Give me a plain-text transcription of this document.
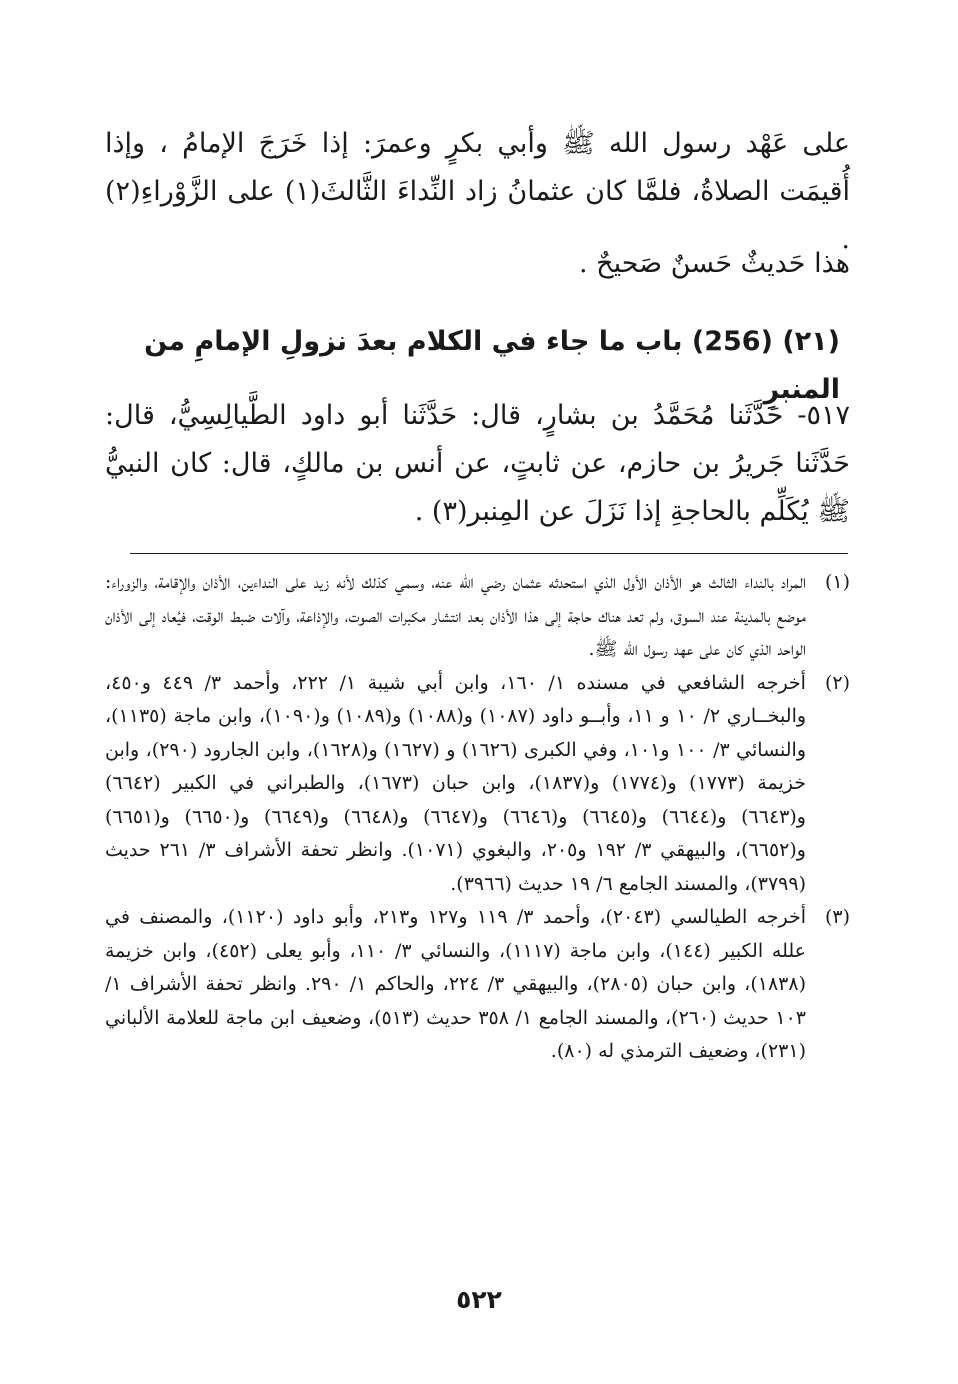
على عَهْد رسول الله ﷺ وأبي بكرٍ وعمرَ: إذا خَرَجَ الإمامُ ، وإذا أُقيمَت الصلاةُ، فلمَّا كان عثمانُ زاد النِّداءَ الثَّالثَ(١) على الزَّوْراءِ(٢) .
هذا حَديثٌ حَسنٌ صَحيحٌ .
(٢١) (256) باب ما جاء في الكلام بعدَ نزولِ الإمامِ من المنبرِ
٥١٧- حَدَّثَنا مُحَمَّدُ بن بشارٍ، قال: حَدَّثَنا أبو داود الطَّيالِسِيُّ، قال: حَدَّثَنا جَريرُ بن حازم، عن ثابتٍ، عن أنس بن مالكٍ، قال: كان النبيُّ ﷺ يُكَلِّم بالحاجةِ إذا نَزَلَ عن المِنبر(٣) .
(١)
المراد بالنداء الثالث هو الأذان الأول الذي استحدثه عثمان رضي الله عنه، وسمي كذلك لأنه زيد على النداءين، الأذان والإقامة، والزوراء: موضع بالمدينة عند السوق، ولم تعد هناك حاجة إلى هذا الأذان بعد انتشار مكبرات الصوت، والإذاعة، وآلات ضبط الوقت، فيُعاد إلى الأذان الواحد الذي كان على عهد رسول الله ﷺ.
(٢)
أخرجه الشافعي في مسنده ١/ ١٦٠، وابن أبي شيبة ١/ ٢٢٢، وأحمد ٣/ ٤٤٩ و٤٥٠، والبخــاري ٢/ ١٠ و ١١، وأبــو داود (١٠٨٧) و(١٠٨٨) و(١٠٨٩) و(١٠٩٠)، وابن ماجة (١١٣٥)، والنسائي ٣/ ١٠٠ و١٠١، وفي الكبرى (١٦٢٦) و (١٦٢٧) و(١٦٢٨)، وابن الجارود (٢٩٠)، وابن خزيمة (١٧٧٣) و(١٧٧٤) و(١٨٣٧)، وابن حبان (١٦٧٣)، والطبراني في الكبير (٦٦٤٢) و(٦٦٤٣) و(٦٦٤٤) و(٦٦٤٥) و(٦٦٤٦) و(٦٦٤٧) و(٦٦٤٨) و(٦٦٤٩) و(٦٦٥٠) و(٦٦٥١) و(٦٦٥٢)، والبيهقي ٣/ ١٩٢ و٢٠٥، والبغوي (١٠٧١). وانظر تحفة الأشراف ٣/ ٢٦١ حديث (٣٧٩٩)، والمسند الجامع ٦/ ١٩ حديث (٣٩٦٦).
(٣)
أخرجه الطيالسي (٢٠٤٣)، وأحمد ٣/ ١١٩ و١٢٧ و٢١٣، وأبو داود (١١٢٠)، والمصنف في علله الكبير (١٤٤)، وابن ماجة (١١١٧)، والنسائي ٣/ ١١٠، وأبو يعلى (٤٥٢)، وابن خزيمة (١٨٣٨)، وابن حبان (٢٨٠٥)، والبيهقي ٣/ ٢٢٤، والحاكم ١/ ٢٩٠. وانظر تحفة الأشراف ١/ ١٠٣ حديث (٢٦٠)، والمسند الجامع ١/ ٣٥٨ حديث (٥١٣)، وضعيف ابن ماجة للعلامة الألباني (٢٣١)، وضعيف الترمذي له (٨٠).
٥٢٢
